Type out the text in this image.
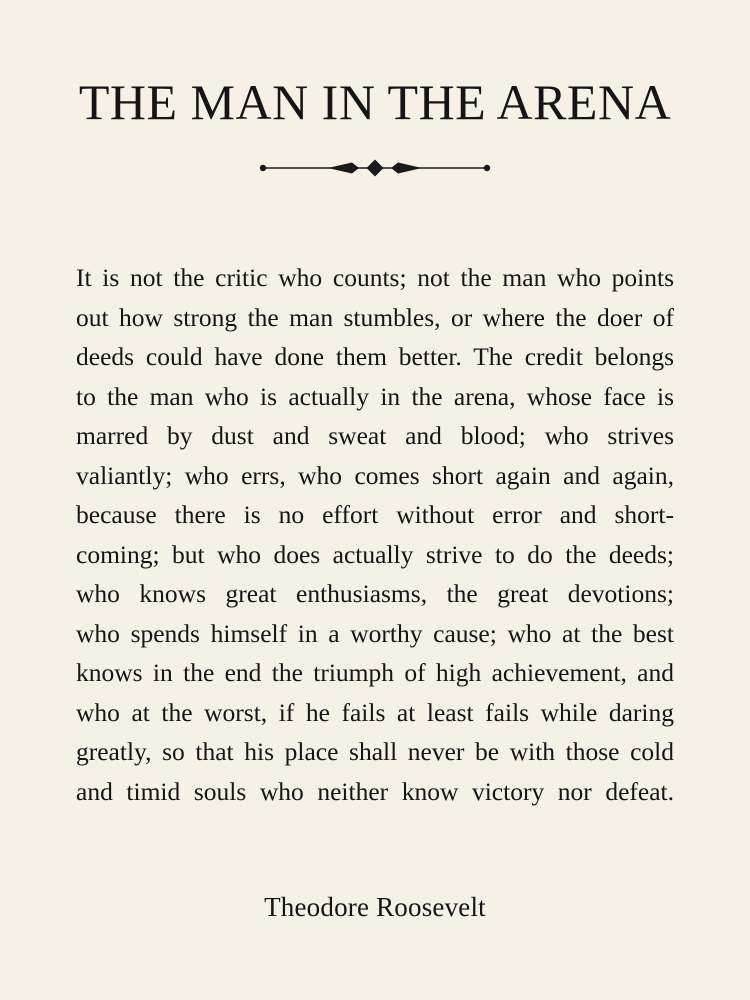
THE MAN IN THE ARENA
It is not the critic who counts; not the man who points
out how strong the man stumbles, or where the doer of
deeds could have done them better. The credit belongs
to the man who is actually in the arena, whose face is
marred by dust and sweat and blood; who strives
valiantly; who errs, who comes short again and again,
because there is no effort without error and short-
coming; but who does actually strive to do the deeds;
who knows great enthusiasms, the great devotions;
who spends himself in a worthy cause; who at the best
knows in the end the triumph of high achievement, and
who at the worst, if he fails at least fails while daring
greatly, so that his place shall never be with those cold
and timid souls who neither know victory nor defeat.
Theodore Roosevelt
